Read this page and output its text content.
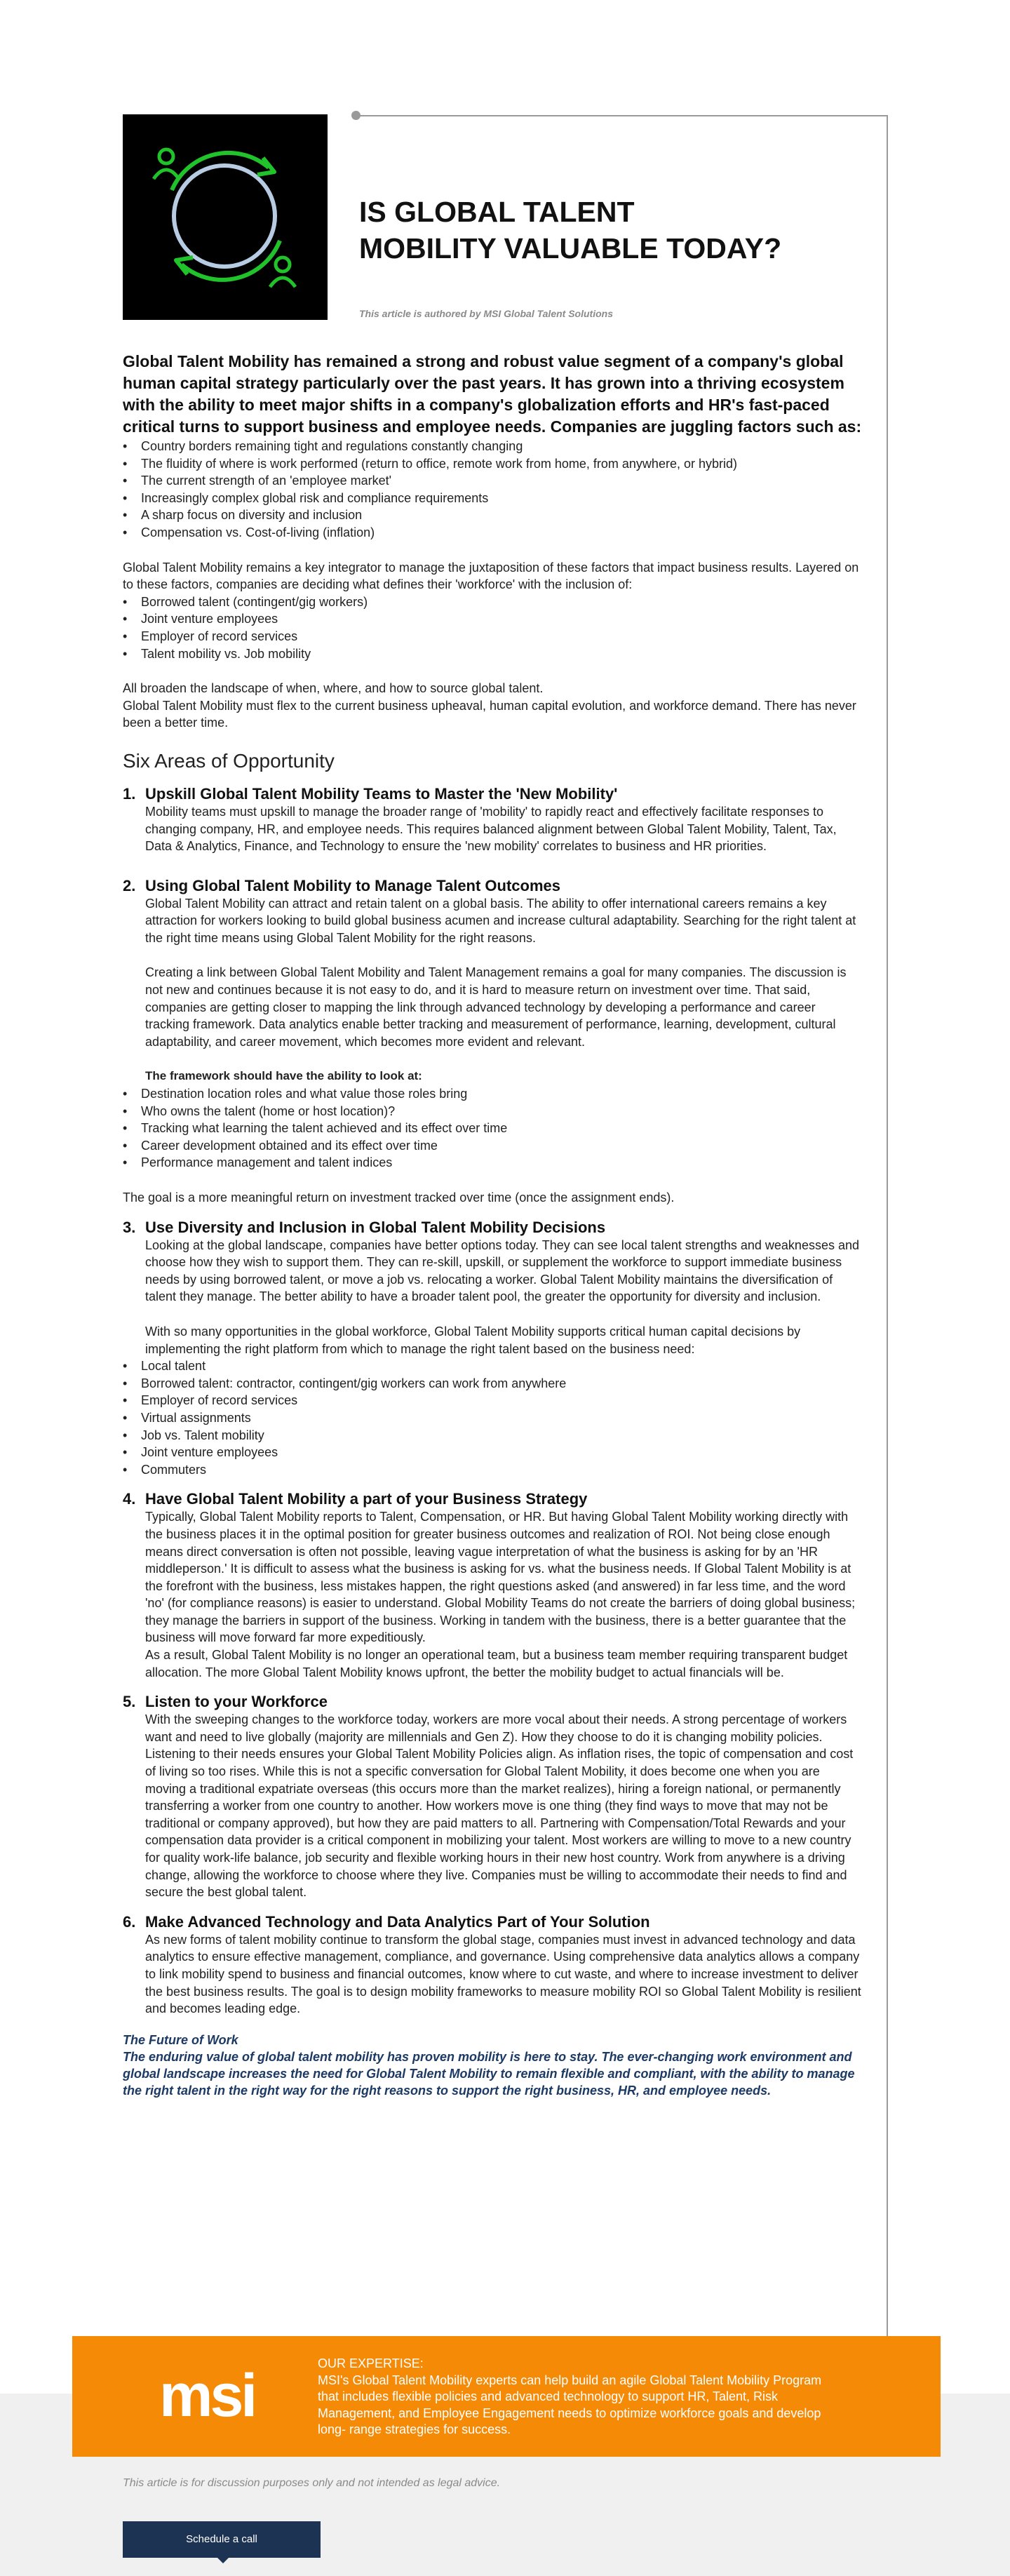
IS GLOBAL TALENT
MOBILITY VALUABLE TODAY?
This article is authored by MSI Global Talent Solutions

Global Talent Mobility has remained a strong and robust value segment of a company's global human capital strategy particularly over the past years. It has grown into a thriving ecosystem with the ability to meet major shifts in a company's globalization efforts and HR's fast-paced critical turns to support business and employee needs. Companies are juggling factors such as:

• Country borders remaining tight and regulations constantly changing
• The fluidity of where is work performed (return to office, remote work from home, from anywhere, or hybrid)
• The current strength of an 'employee market'
• Increasingly complex global risk and compliance requirements
• A sharp focus on diversity and inclusion
• Compensation vs. Cost-of-living (inflation)

Global Talent Mobility remains a key integrator to manage the juxtaposition of these factors that impact business results. Layered on to these factors, companies are deciding what defines their 'workforce' with the inclusion of:

• Borrowed talent (contingent/gig workers)
• Joint venture employees
• Employer of record services
• Talent mobility vs. Job mobility

All broaden the landscape of when, where, and how to source global talent.

Global Talent Mobility must flex to the current business upheaval, human capital evolution, and workforce demand. There has never been a better time.

Six Areas of Opportunity
1. Upskill Global Talent Mobility Teams to Master the 'New Mobility'

Mobility teams must upskill to manage the broader range of 'mobility' to rapidly react and effectively facilitate responses to changing company, HR, and employee needs. This requires balanced alignment between Global Talent Mobility, Talent, Tax, Data & Analytics, Finance, and Technology to ensure the 'new mobility' correlates to business and HR priorities.

2. Using Global Talent Mobility to Manage Talent Outcomes

Global Talent Mobility can attract and retain talent on a global basis. The ability to offer international careers remains a key attraction for workers looking to build global business acumen and increase cultural adaptability. Searching for the right talent at the right time means using Global Talent Mobility for the right reasons.

Creating a link between Global Talent Mobility and Talent Management remains a goal for many companies. The discussion is not new and continues because it is not easy to do, and it is hard to measure return on investment over time. That said, companies are getting closer to mapping the link through advanced technology by developing a performance and career tracking framework. Data analytics enable better tracking and measurement of performance, learning, development, cultural adaptability, and career movement, which becomes more evident and relevant.

The framework should have the ability to look at:

• Destination location roles and what value those roles bring
• Who owns the talent (home or host location)?
• Tracking what learning the talent achieved and its effect over time
• Career development obtained and its effect over time
• Performance management and talent indices

The goal is a more meaningful return on investment tracked over time (once the assignment ends).

3. Use Diversity and Inclusion in Global Talent Mobility Decisions

Looking at the global landscape, companies have better options today. They can see local talent strengths and weaknesses and choose how they wish to support them. They can re-skill, upskill, or supplement the workforce to support immediate business needs by using borrowed talent, or move a job vs. relocating a worker. Global Talent Mobility maintains the diversification of talent they manage. The better ability to have a broader talent pool, the greater the opportunity for diversity and inclusion.

With so many opportunities in the global workforce, Global Talent Mobility supports critical human capital decisions by implementing the right platform from which to manage the right talent based on the business need:

• Local talent
• Borrowed talent: contractor, contingent/gig workers can work from anywhere
• Employer of record services
• Virtual assignments
• Job vs. Talent mobility
• Joint venture employees
• Commuters
4. Have Global Talent Mobility a part of your Business Strategy

Typically, Global Talent Mobility reports to Talent, Compensation, or HR. But having Global Talent Mobility working directly with the business places it in the optimal position for greater business outcomes and realization of ROI. Not being close enough means direct conversation is often not possible, leaving vague interpretation of what the business is asking for by an 'HR middleperson.' It is difficult to assess what the business is asking for vs. what the business needs. If Global Talent Mobility is at the forefront with the business, less mistakes happen, the right questions asked (and answered) in far less time, and the word 'no' (for compliance reasons) is easier to understand. Global Mobility Teams do not create the barriers of doing global business; they manage the barriers in support of the business. Working in tandem with the business, there is a better guarantee that the business will move forward far more expeditiously.

As a result, Global Talent Mobility is no longer an operational team, but a business team member requiring transparent budget allocation. The more Global Talent Mobility knows upfront, the better the mobility budget to actual financials will be.

5. Listen to your Workforce

With the sweeping changes to the workforce today, workers are more vocal about their needs. A strong percentage of workers want and need to live globally (majority are millennials and Gen Z). How they choose to do it is changing mobility policies. Listening to their needs ensures your Global Talent Mobility Policies align. As inflation rises, the topic of compensation and cost of living so too rises. While this is not a specific conversation for Global Talent Mobility, it does become one when you are moving a traditional expatriate overseas (this occurs more than the market realizes), hiring a foreign national, or permanently transferring a worker from one country to another. How workers move is one thing (they find ways to move that may not be traditional or company approved), but how they are paid matters to all. Partnering with Compensation/Total Rewards and your compensation data provider is a critical component in mobilizing your talent. Most workers are willing to move to a new country for quality work-life balance, job security and flexible working hours in their new host country. Work from anywhere is a driving change, allowing the workforce to choose where they live. Companies must be willing to accommodate their needs to find and secure the best global talent.

6. Make Advanced Technology and Data Analytics Part of Your Solution

As new forms of talent mobility continue to transform the global stage, companies must invest in advanced technology and data analytics to ensure effective management, compliance, and governance. Using comprehensive data analytics allows a company to link mobility spend to business and financial outcomes, know where to cut waste, and where to increase investment to deliver the best business results. The goal is to design mobility frameworks to measure mobility ROI so Global Talent Mobility is resilient and becomes leading edge.

The Future of Work
The enduring value of global talent mobility has proven mobility is here to stay. The ever-changing work environment and global landscape increases the need for Global Talent Mobility to remain flexible and compliant, with the ability to manage the right talent in the right way for the right reasons to support the right business, HR, and employee needs.
msi	OUR EXPERTISE:
MSI's Global Talent Mobility experts can help build an agile Global Talent Mobility Program that includes flexible policies and advanced technology to support HR, Talent, Risk Management, and Employee Engagement needs to optimize workforce goals and develop long- range strategies for success.
This article is for discussion purposes only and not intended as legal advice.
Schedule a call
